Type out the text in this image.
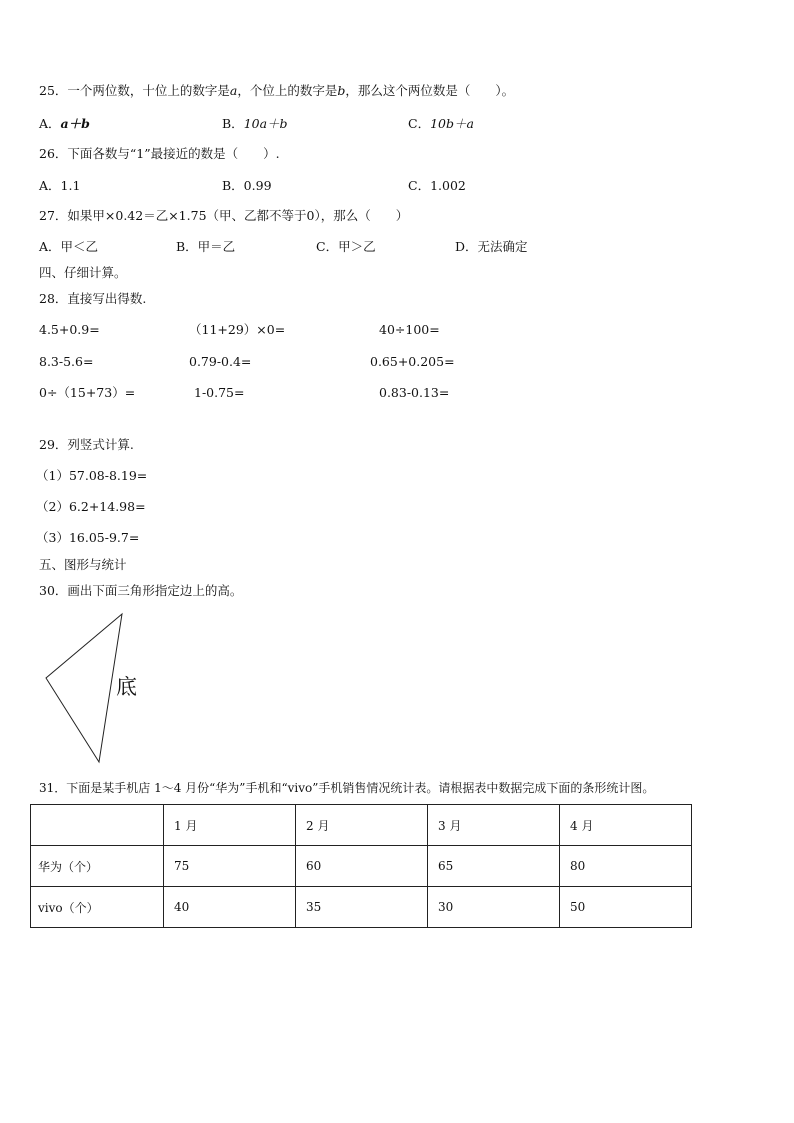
25．一个两位数，十位上的数字是a，个位上的数字是b，那么这个两位数是（　　）。
A．a＋b	B．10a＋b	C．10b＋a
26．下面各数与“1”最接近的数是（　　）.
A．1.1	B．0.99	C．1.002
27．如果甲×0.42＝乙×1.75（甲、乙都不等于0），那么（　　）
A．甲＜乙	B．甲＝乙	C．甲＞乙	D．无法确定
四、仔细计算。
28．直接写出得数.
4.5+0.9=	（11+29）×0=	40÷100=
8.3-5.6=	0.79-0.4=	0.65+0.205=
0÷（15+73）=	1-0.75=	0.83-0.13=
29．列竖式计算.
（1）57.08-8.19=
（2）6.2+14.98=
（3）16.05-9.7=
五、图形与统计
30．画出下面三角形指定边上的高。
底
31．下面是某手机店 1～4 月份“华为”手机和“vivo”手机销售情况统计表。请根据表中数据完成下面的条形统计图。
	1 月	2 月	3 月	4 月
华为（个）	75	60	65	80
vivo（个）	40	35	30	50
